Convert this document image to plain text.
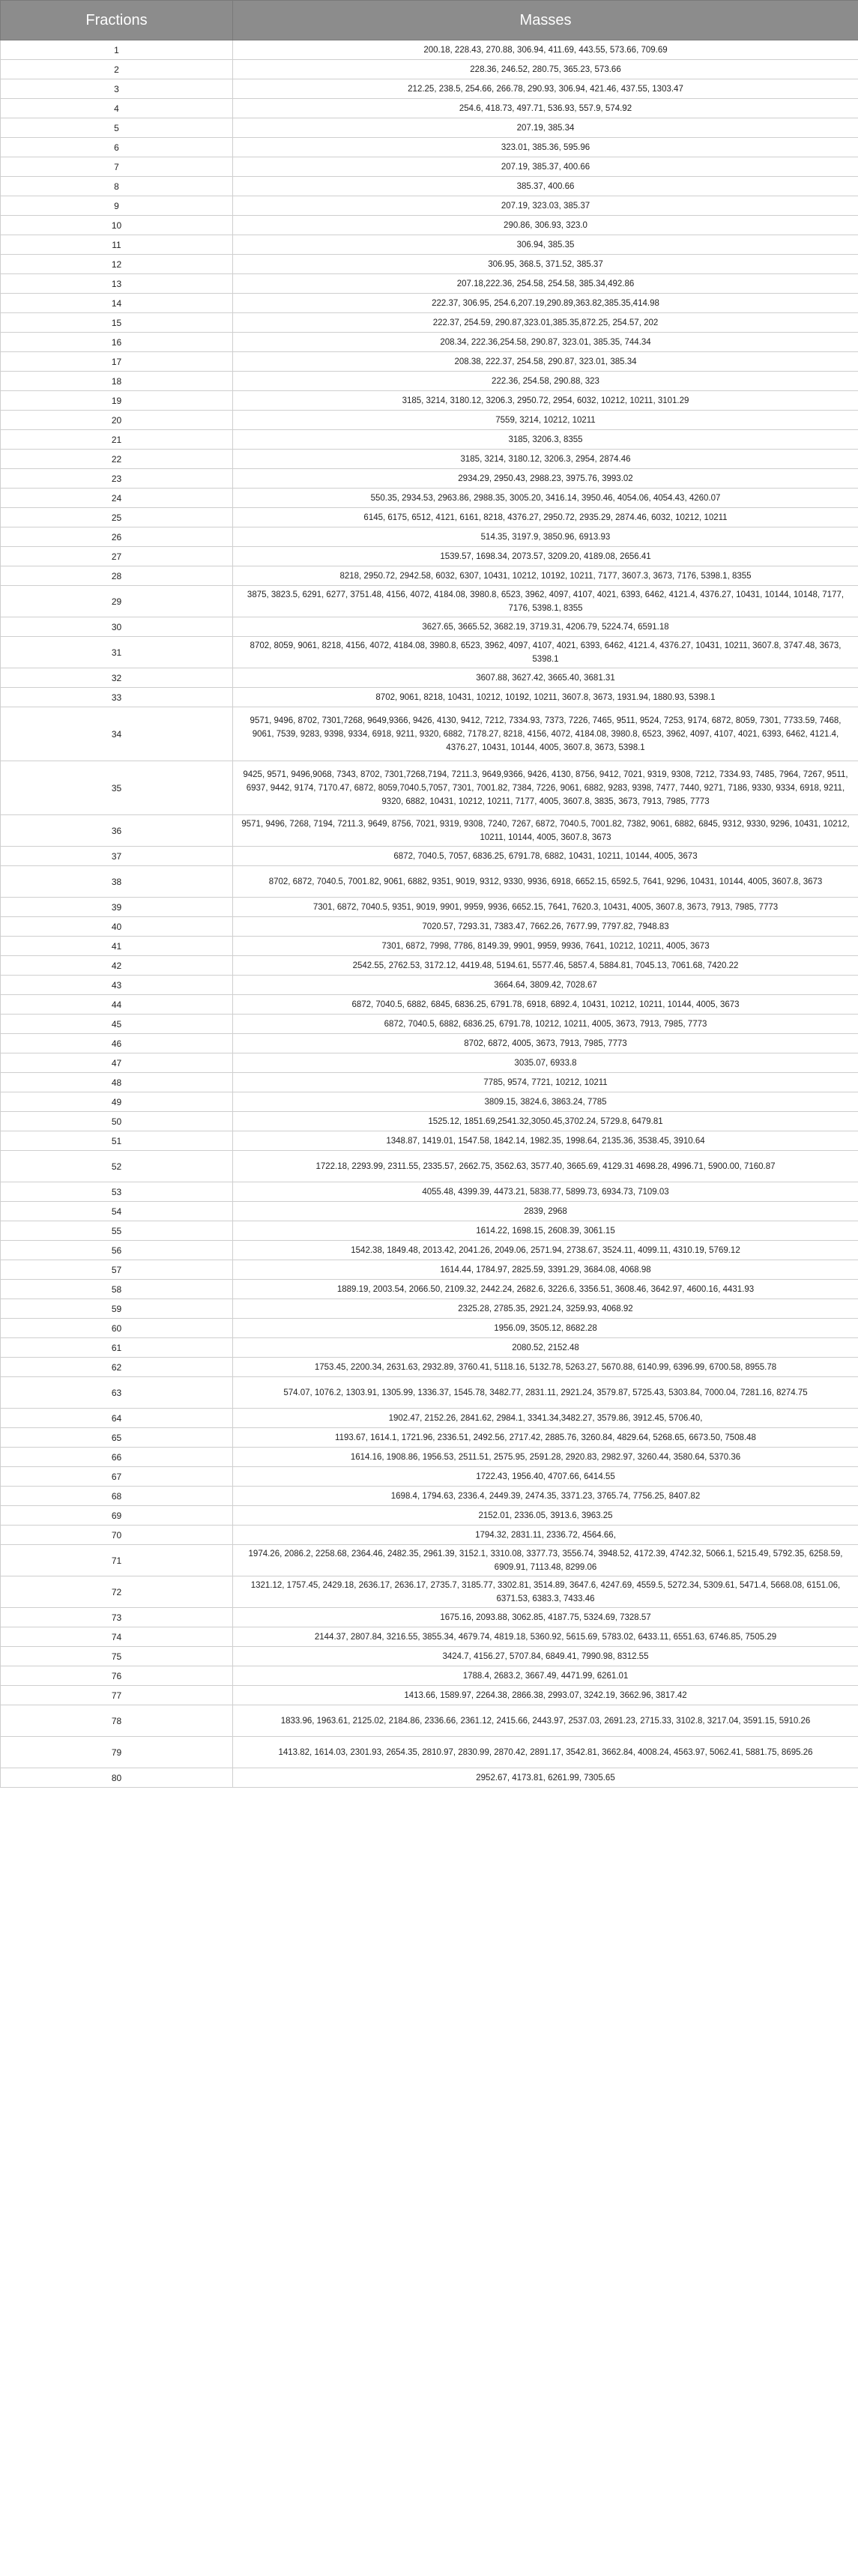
Fractions	Masses
1	200.18, 228.43, 270.88, 306.94, 411.69, 443.55, 573.66, 709.69
2	228.36, 246.52, 280.75, 365.23, 573.66
3	212.25, 238.5, 254.66, 266.78, 290.93, 306.94, 421.46, 437.55, 1303.47
4	254.6, 418.73, 497.71, 536.93, 557.9, 574.92
5	207.19, 385.34
6	323.01, 385.36, 595.96
7	207.19, 385.37, 400.66
8	385.37, 400.66
9	207.19, 323.03, 385.37
10	290.86, 306.93, 323.0
11	306.94, 385.35
12	306.95, 368.5, 371.52, 385.37
13	207.18,222.36, 254.58, 254.58, 385.34,492.86
14	222.37, 306.95, 254.6,207.19,290.89,363.82,385.35,414.98
15	222.37, 254.59, 290.87,323.01,385.35,872.25, 254.57, 202
16	208.34, 222.36,254.58, 290.87, 323.01, 385.35, 744.34
17	208.38, 222.37, 254.58, 290.87, 323.01, 385.34
18	222.36, 254.58, 290.88, 323
19	3185, 3214, 3180.12, 3206.3, 2950.72, 2954, 6032, 10212, 10211, 3101.29
20	7559, 3214, 10212, 10211
21	3185, 3206.3, 8355
22	3185, 3214, 3180.12, 3206.3, 2954, 2874.46
23	2934.29, 2950.43, 2988.23, 3975.76, 3993.02
24	550.35, 2934.53, 2963.86, 2988.35, 3005.20, 3416.14, 3950.46, 4054.06, 4054.43, 4260.07
25	6145, 6175, 6512, 4121, 6161, 8218, 4376.27, 2950.72, 2935.29, 2874.46, 6032, 10212, 10211
26	514.35, 3197.9, 3850.96, 6913.93
27	1539.57, 1698.34, 2073.57, 3209.20, 4189.08, 2656.41
28	8218, 2950.72, 2942.58, 6032, 6307, 10431, 10212, 10192, 10211, 7177, 3607.3, 3673, 7176, 5398.1, 8355
29	3875, 3823.5, 6291, 6277, 3751.48, 4156, 4072, 4184.08, 3980.8, 6523, 3962, 4097, 4107, 4021, 6393, 6462, 4121.4, 4376.27, 10431, 10144, 10148, 7177, 7176, 5398.1, 8355
30	3627.65, 3665.52, 3682.19, 3719.31, 4206.79, 5224.74, 6591.18
31	8702, 8059, 9061, 8218, 4156, 4072, 4184.08, 3980.8, 6523, 3962, 4097, 4107, 4021, 6393, 6462, 4121.4, 4376.27, 10431, 10211, 3607.8, 3747.48, 3673, 5398.1
32	3607.88, 3627.42, 3665.40, 3681.31
33	8702, 9061, 8218, 10431, 10212, 10192, 10211, 3607.8, 3673, 1931.94, 1880.93, 5398.1
34	9571, 9496, 8702, 7301,7268, 9649,9366, 9426, 4130, 9412, 7212, 7334.93, 7373, 7226, 7465, 9511, 9524, 7253, 9174, 6872, 8059, 7301, 7733.59, 7468, 9061, 7539, 9283, 9398, 9334, 6918, 9211, 9320, 6882, 7178.27, 8218, 4156, 4072, 4184.08, 3980.8, 6523, 3962, 4097, 4107, 4021, 6393, 6462, 4121.4, 4376.27, 10431, 10144, 4005, 3607.8, 3673, 5398.1
35	9425, 9571, 9496,9068, 7343, 8702, 7301,7268,7194, 7211.3, 9649,9366, 9426, 4130, 8756, 9412, 7021, 9319, 9308, 7212, 7334.93, 7485, 7964, 7267, 9511, 6937, 9442, 9174, 7170.47, 6872, 8059,7040.5,7057, 7301, 7001.82, 7384, 7226, 9061, 6882, 9283, 9398, 7477, 7440, 9271, 7186, 9330, 9334, 6918, 9211, 9320, 6882, 10431, 10212, 10211, 7177, 4005, 3607.8, 3835, 3673, 7913, 7985, 7773
36	9571, 9496, 7268, 7194, 7211.3, 9649, 8756, 7021, 9319, 9308, 7240, 7267, 6872, 7040.5, 7001.82, 7382, 9061, 6882, 6845, 9312, 9330, 9296, 10431, 10212, 10211, 10144, 4005, 3607.8, 3673
37	6872, 7040.5, 7057, 6836.25, 6791.78, 6882, 10431, 10211, 10144, 4005, 3673
38	8702, 6872, 7040.5, 7001.82, 9061, 6882, 9351, 9019, 9312, 9330, 9936, 6918, 6652.15, 6592.5, 7641, 9296, 10431, 10144, 4005, 3607.8, 3673
39	7301, 6872, 7040.5, 9351, 9019, 9901, 9959, 9936, 6652.15, 7641, 7620.3, 10431, 4005, 3607.8, 3673, 7913, 7985, 7773
40	7020.57, 7293.31, 7383.47, 7662.26, 7677.99, 7797.82, 7948.83
41	7301, 6872, 7998, 7786, 8149.39, 9901, 9959, 9936, 7641, 10212, 10211, 4005, 3673
42	2542.55, 2762.53, 3172.12, 4419.48, 5194.61, 5577.46, 5857.4, 5884.81, 7045.13, 7061.68, 7420.22
43	3664.64, 3809.42, 7028.67
44	6872, 7040.5, 6882, 6845, 6836.25, 6791.78, 6918, 6892.4, 10431, 10212, 10211, 10144, 4005, 3673
45	6872, 7040.5, 6882, 6836.25, 6791.78, 10212, 10211, 4005, 3673, 7913, 7985, 7773
46	8702, 6872, 4005, 3673, 7913, 7985, 7773
47	3035.07, 6933.8
48	7785, 9574, 7721, 10212, 10211
49	3809.15, 3824.6, 3863.24, 7785
50	1525.12, 1851.69,2541.32,3050.45,3702.24, 5729.8, 6479.81
51	1348.87, 1419.01, 1547.58, 1842.14, 1982.35, 1998.64, 2135.36, 3538.45, 3910.64
52	1722.18, 2293.99, 2311.55, 2335.57, 2662.75, 3562.63, 3577.40, 3665.69, 4129.31 4698.28, 4996.71, 5900.00, 7160.87
53	4055.48, 4399.39, 4473.21, 5838.77, 5899.73, 6934.73, 7109.03
54	2839, 2968
55	1614.22, 1698.15, 2608.39, 3061.15
56	1542.38, 1849.48, 2013.42, 2041.26, 2049.06, 2571.94, 2738.67, 3524.11, 4099.11, 4310.19, 5769.12
57	1614.44, 1784.97, 2825.59, 3391.29, 3684.08, 4068.98
58	1889.19, 2003.54, 2066.50, 2109.32, 2442.24, 2682.6, 3226.6, 3356.51, 3608.46, 3642.97, 4600.16, 4431.93
59	2325.28, 2785.35, 2921.24, 3259.93, 4068.92
60	1956.09, 3505.12, 8682.28
61	2080.52, 2152.48
62	1753.45, 2200.34, 2631.63, 2932.89, 3760.41, 5118.16, 5132.78, 5263.27, 5670.88, 6140.99, 6396.99, 6700.58, 8955.78
63	574.07, 1076.2, 1303.91, 1305.99, 1336.37, 1545.78, 3482.77, 2831.11, 2921.24, 3579.87, 5725.43, 5303.84, 7000.04, 7281.16, 8274.75
64	1902.47, 2152.26, 2841.62, 2984.1, 3341.34,3482.27, 3579.86, 3912.45, 5706.40,
65	1193.67, 1614.1, 1721.96, 2336.51, 2492.56, 2717.42, 2885.76, 3260.84, 4829.64, 5268.65, 6673.50, 7508.48
66	1614.16, 1908.86, 1956.53, 2511.51, 2575.95, 2591.28, 2920.83, 2982.97, 3260.44, 3580.64, 5370.36
67	1722.43, 1956.40, 4707.66, 6414.55
68	1698.4, 1794.63, 2336.4, 2449.39, 2474.35, 3371.23, 3765.74, 7756.25, 8407.82
69	2152.01, 2336.05, 3913.6, 3963.25
70	1794.32, 2831.11, 2336.72, 4564.66,
71	1974.26, 2086.2, 2258.68, 2364.46, 2482.35, 2961.39, 3152.1, 3310.08, 3377.73, 3556.74, 3948.52, 4172.39, 4742.32, 5066.1, 5215.49, 5792.35, 6258.59, 6909.91, 7113.48, 8299.06
72	1321.12, 1757.45, 2429.18, 2636.17, 2636.17, 2735.7, 3185.77, 3302.81, 3514.89, 3647.6, 4247.69, 4559.5, 5272.34, 5309.61, 5471.4, 5668.08, 6151.06, 6371.53, 6383.3, 7433.46
73	1675.16, 2093.88, 3062.85, 4187.75, 5324.69, 7328.57
74	2144.37, 2807.84, 3216.55, 3855.34, 4679.74, 4819.18, 5360.92, 5615.69, 5783.02, 6433.11, 6551.63, 6746.85, 7505.29
75	3424.7, 4156.27, 5707.84, 6849.41, 7990.98, 8312.55
76	1788.4, 2683.2, 3667.49, 4471.99, 6261.01
77	1413.66, 1589.97, 2264.38, 2866.38, 2993.07, 3242.19, 3662.96, 3817.42
78	1833.96, 1963.61, 2125.02, 2184.86, 2336.66, 2361.12, 2415.66, 2443.97, 2537.03, 2691.23, 2715.33, 3102.8, 3217.04, 3591.15, 5910.26
79	1413.82, 1614.03, 2301.93, 2654.35, 2810.97, 2830.99, 2870.42, 2891.17, 3542.81, 3662.84, 4008.24, 4563.97, 5062.41, 5881.75, 8695.26
80	2952.67, 4173.81, 6261.99, 7305.65
